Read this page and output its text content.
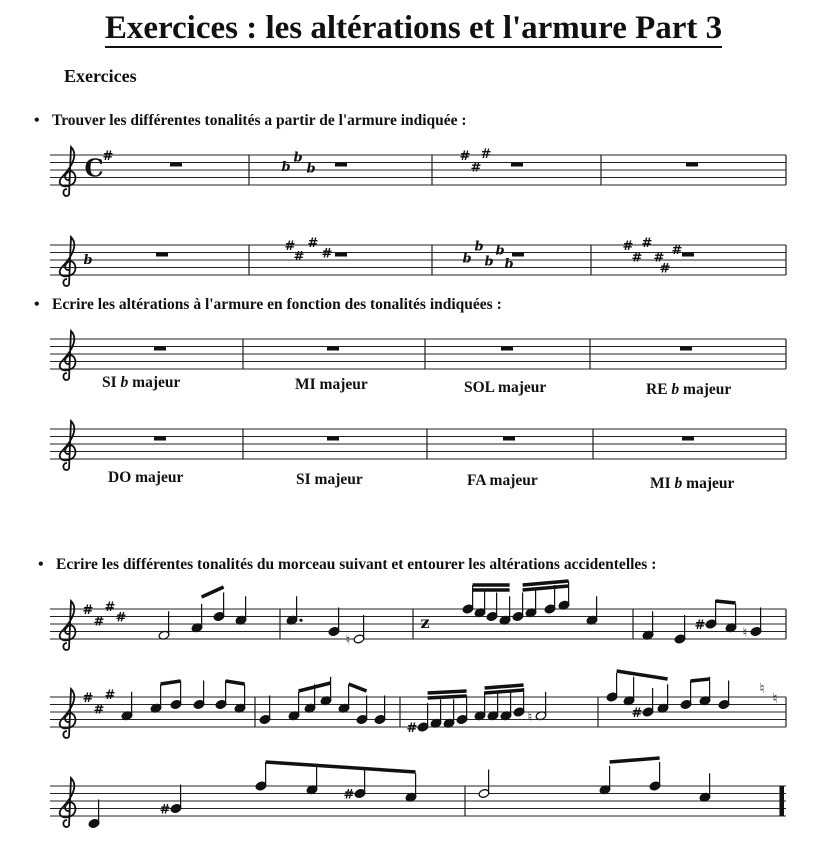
Exercices : les altérations et l'armure Part 3
Exercices
• Trouver les différentes tonalités a partir de l'armure indiquée :
• Ecrire les altérations à l'armure en fonction des tonalités indiquées :
• Ecrire les différentes tonalités du morceau suivant et entourer les altérations accidentelles :
SI b majeur	MI majeur	SOL majeur	RE b majeur
DO majeur	SI majeur	FA majeur	MI b majeur
C
#	b
b b
# #
#
b
# #
# #	b
b
b
b b
# #
# # #
#
#
#
#
#
♮
z	#	♮
#
#
#
#
♮	#
♮
♮
#
#
